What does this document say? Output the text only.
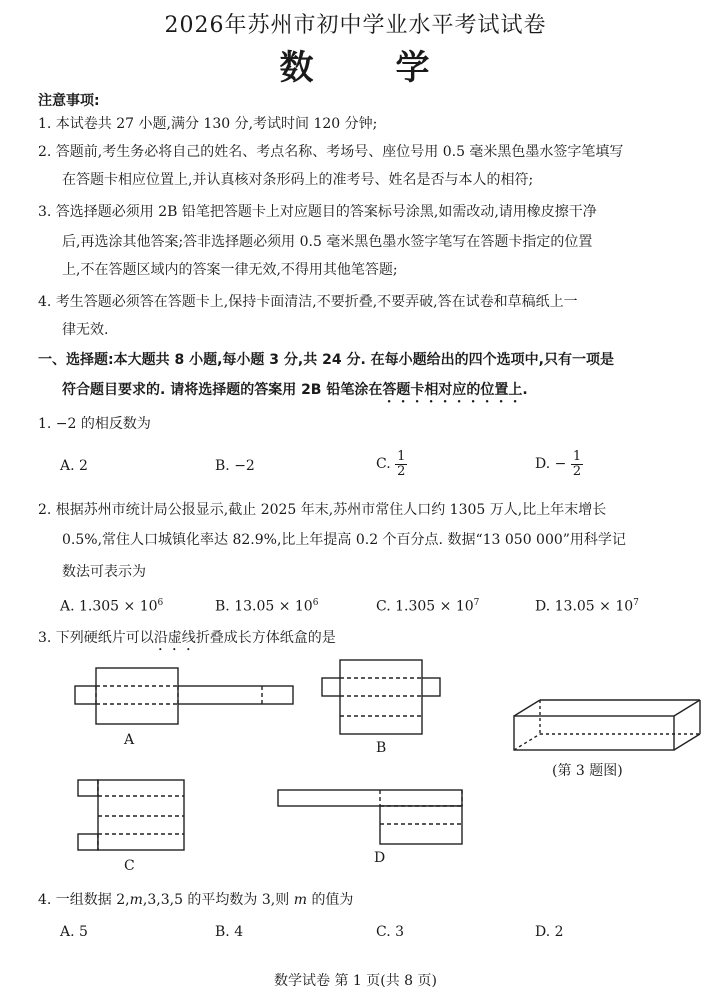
2026年苏州市初中学业水平考试试卷
数 学
注意事项:
1. 本试卷共 27 小题,满分 130 分,考试时间 120 分钟;
2. 答题前,考生务必将自己的姓名、考点名称、考场号、座位号用 0.5 毫米黑色墨水签字笔填写
在答题卡相应位置上,并认真核对条形码上的准考号、姓名是否与本人的相符;
3. 答选择题必须用 2B 铅笔把答题卡上对应题目的答案标号涂黑,如需改动,请用橡皮擦干净
后,再选涂其他答案;答非选择题必须用 0.5 毫米黑色墨水签字笔写在答题卡指定的位置
上,不在答题区域内的答案一律无效,不得用其他笔答题;
4. 考生答题必须答在答题卡上,保持卡面清洁,不要折叠,不要弄破,答在试卷和草稿纸上一
律无效.
一、选择题:本大题共 8 小题,每小题 3 分,共 24 分. 在每小题给出的四个选项中,只有一项是
符合题目要求的. 请将选择题的答案用 2B 铅笔涂在答题卡相对应的位置上.
1. −2 的相反数为
A. 2	B. −2	C. $\frac{1}{2}$	D. − $\frac{1}{2}$
2. 根据苏州市统计局公报显示,截止 2025 年末,苏州市常住人口约 1305 万人,比上年末增长
0.5%,常住人口城镇化率达 82.9%,比上年提高 0.2 个百分点. 数据“13 050 000”用科学记
数法可表示为
A. $1.305 \times 10^6$	B. $13.05 \times 10^6$	C. $1.305 \times 10^7$	D. $13.05 \times 10^7$
3. 下列硬纸片可以沿虚线折叠成长方体纸盒的是
A	B
(第 3 题图)
C	D
4. 一组数据 2,m,3,3,5 的平均数为 3,则 m 的值为
A. 5	B. 4	C. 3	D. 2
数学试卷 第 1 页(共 8 页)
